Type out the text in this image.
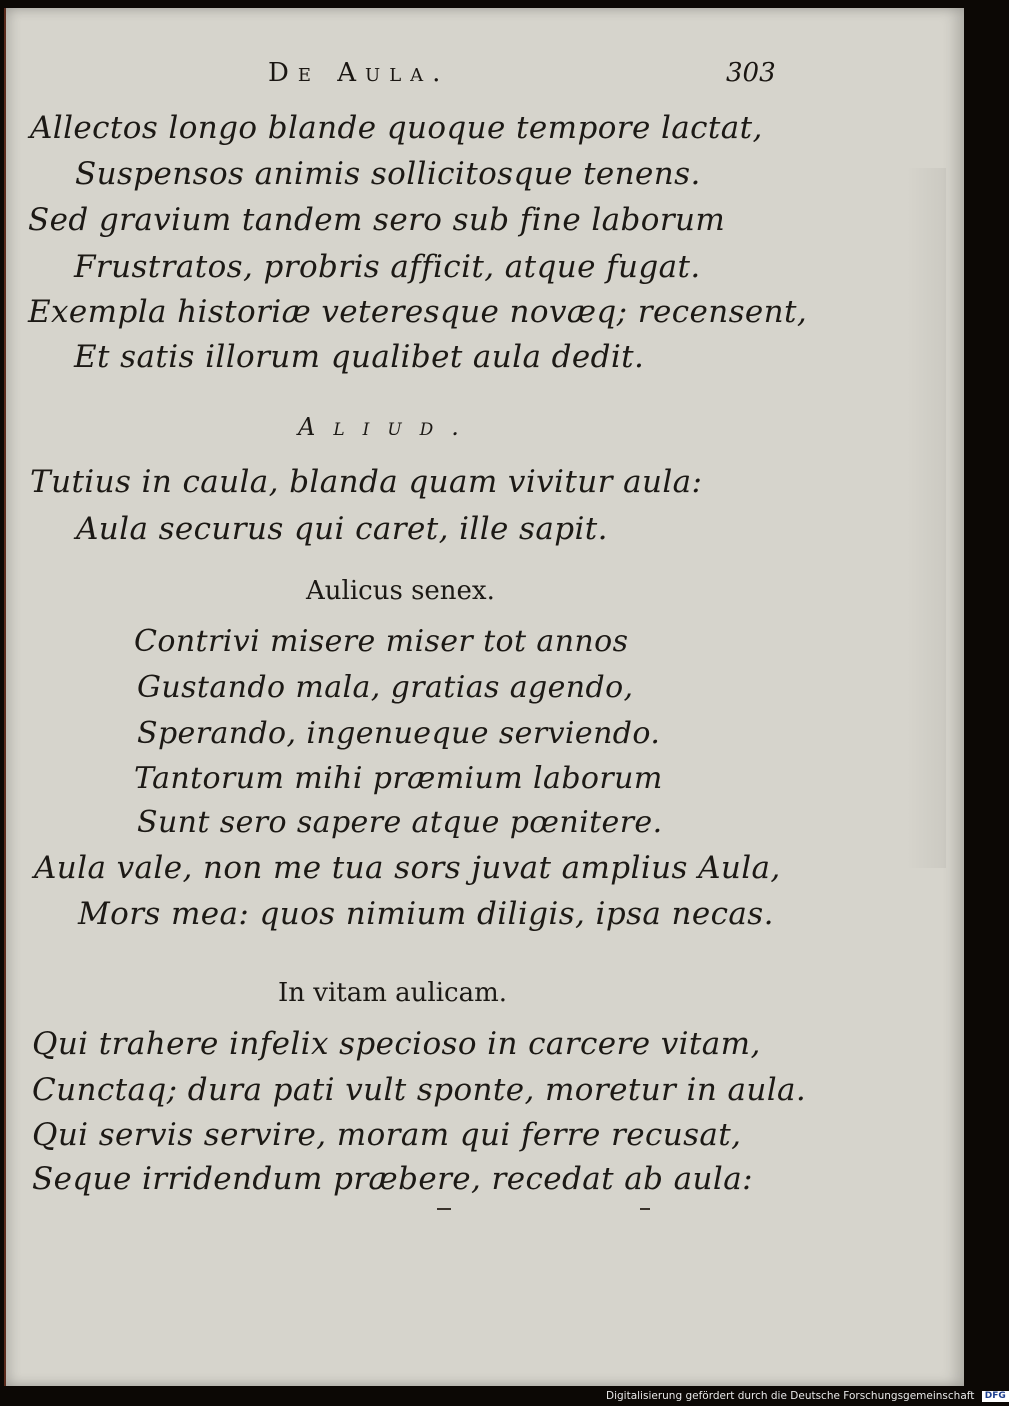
De Aula.	303
Allectos longo blande quoque tempore lactat,
Suspensos animis sollicitosque tenens.
Sed gravium tandem sero sub fine laborum
Frustratos, probris afficit, atque fugat.
Exempla historiæ veteresque novæq; recensent,
Et satis illorum qualibet aula dedit.
Aliud.
Tutius in caula, blanda quam vivitur aula:
Aula securus qui caret, ille sapit.
Aulicus senex.
Contrivi misere miser tot annos
Gustando mala, gratias agendo,
Sperando, ingenueque serviendo.
Tantorum mihi præmium laborum
Sunt sero sapere atque pœnitere.
Aula vale, non me tua sors juvat amplius Aula,
Mors mea: quos nimium diligis, ipsa necas.
In vitam aulicam.
Qui trahere infelix specioso in carcere vitam,
Cunctaq; dura pati vult sponte, moretur in aula.
Qui servis servire, moram qui ferre recusat,
Seque irridendum præbere, recedat ab aula:
Digitalisierung gefördert durch die Deutsche Forschungsgemeinschaft DFG
